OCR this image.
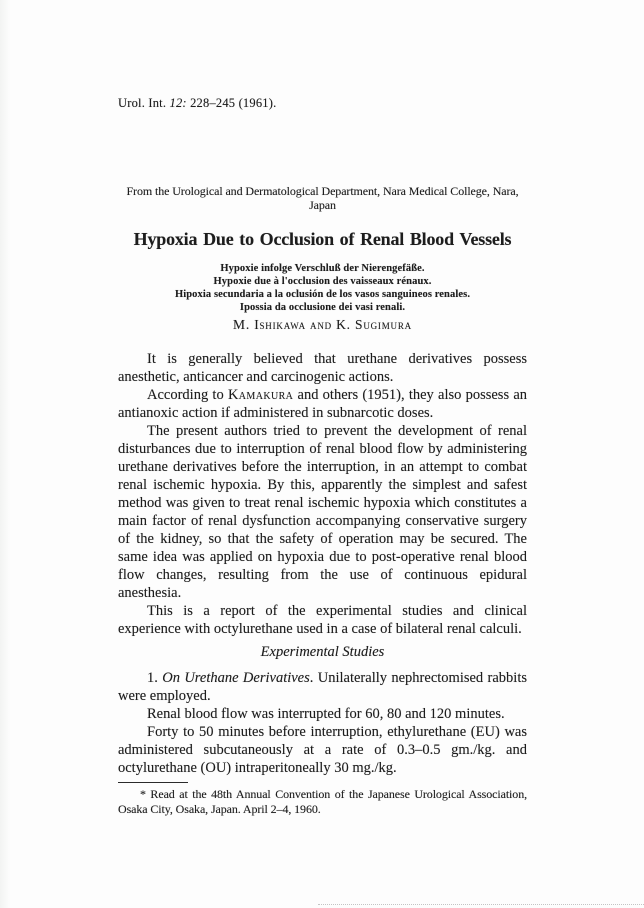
Urol. Int. 12: 228–245 (1961).
From the Urological and Dermatological Department, Nara Medical College, Nara, Japan
Hypoxia Due to Occlusion of Renal Blood Vessels
Hypoxie infolge Verschluß der Nierengefäße.
Hypoxie due à l'occlusion des vaisseaux rénaux.
Hipoxia secundaria a la oclusión de los vasos sanguineos renales.
Ipossia da occlusione dei vasi renali.
M. Ishikawa and K. Sugimura

It is generally believed that urethane derivatives possess anesthetic, anticancer and carcinogenic actions.

According to Kamakura and others (1951), they also possess an antianoxic action if administered in subnarcotic doses.

The present authors tried to prevent the development of renal disturbances due to interruption of renal blood flow by administering urethane derivatives before the interruption, in an attempt to combat renal ischemic hypoxia. By this, apparently the simplest and safest method was given to treat renal ischemic hypoxia which constitutes a main factor of renal dysfunction accompanying conservative surgery of the kidney, so that the safety of operation may be secured. The same idea was applied on hypoxia due to post-operative renal blood flow changes, resulting from the use of continuous epidural anesthesia.

This is a report of the experimental studies and clinical experience with octylurethane used in a case of bilateral renal calculi.

Experimental Studies

1. On Urethane Derivatives. Unilaterally nephrectomised rabbits were employed.

Renal blood flow was interrupted for 60, 80 and 120 minutes.

Forty to 50 minutes before interruption, ethylurethane (EU) was administered subcutaneously at a rate of 0.3–0.5 gm./kg. and octylurethane (OU) intraperitoneally 30 mg./kg.

* Read at the 48th Annual Convention of the Japanese Urological Association, Osaka City, Osaka, Japan. April 2–4, 1960.
